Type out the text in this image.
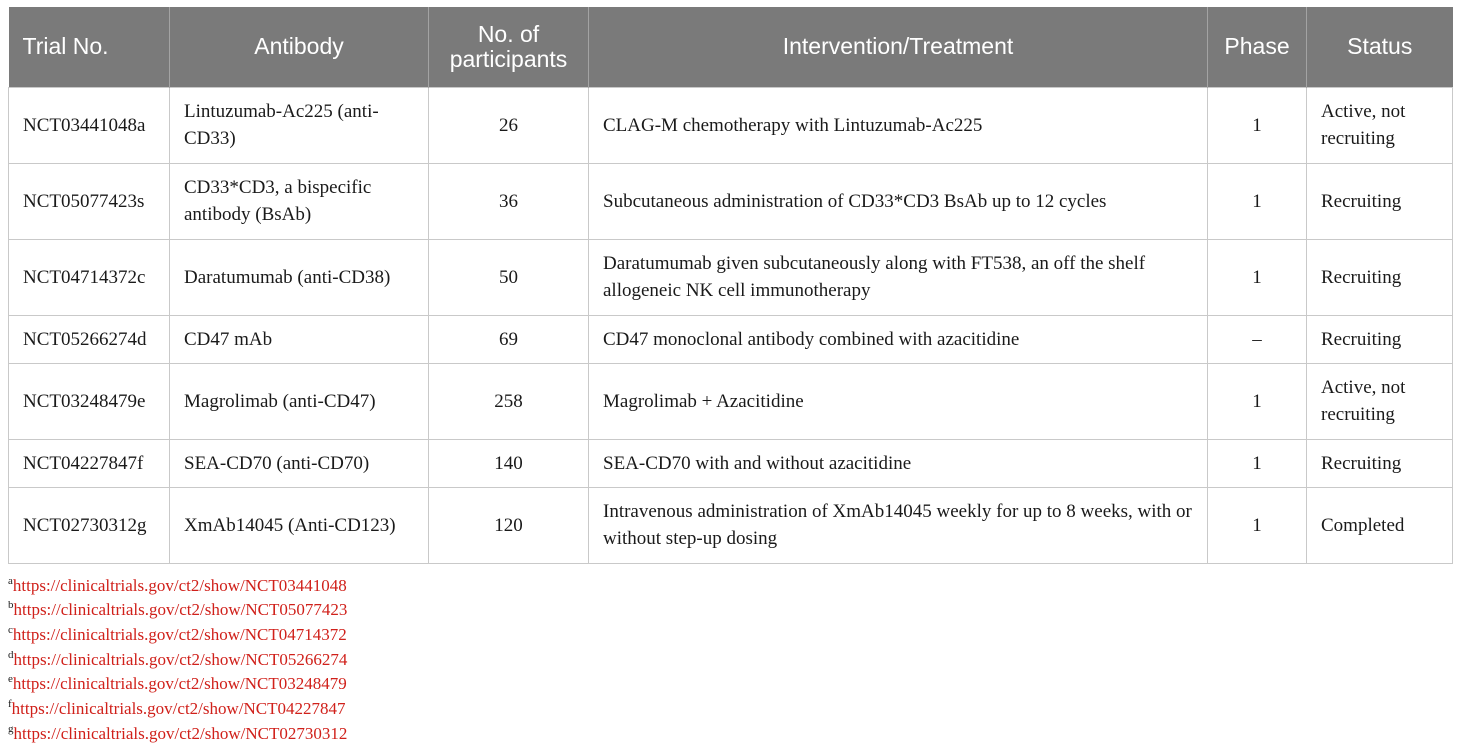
Trial No.	Antibody	No. of participants	Intervention/Treatment	Phase	Status
NCT03441048a	Lintuzumab-Ac225 (anti-CD33)	26	CLAG-M chemotherapy with Lintuzumab-Ac225	1	Active, not recruiting
NCT05077423s	CD33*CD3, a bispecific antibody (BsAb)	36	Subcutaneous administration of CD33*CD3 BsAb up to 12 cycles	1	Recruiting
NCT04714372c	Daratumumab (anti-CD38)	50	Daratumumab given subcutaneously along with FT538, an off the shelf allogeneic NK cell immunotherapy	1	Recruiting
NCT05266274d	CD47 mAb	69	CD47 monoclonal antibody combined with azacitidine	–	Recruiting
NCT03248479e	Magrolimab (anti-CD47)	258	Magrolimab + Azacitidine	1	Active, not recruiting
NCT04227847f	SEA-CD70 (anti-CD70)	140	SEA-CD70 with and without azacitidine	1	Recruiting
NCT02730312g	XmAb14045 (Anti-CD123)	120	Intravenous administration of XmAb14045 weekly for up to 8 weeks, with or without step-up dosing	1	Completed
$^a$https://clinicaltrials.gov/ct2/show/NCT03441048
$^b$https://clinicaltrials.gov/ct2/show/NCT05077423
$^c$https://clinicaltrials.gov/ct2/show/NCT04714372
$^d$https://clinicaltrials.gov/ct2/show/NCT05266274
$^e$https://clinicaltrials.gov/ct2/show/NCT03248479
$^f$https://clinicaltrials.gov/ct2/show/NCT04227847
$^g$https://clinicaltrials.gov/ct2/show/NCT02730312
